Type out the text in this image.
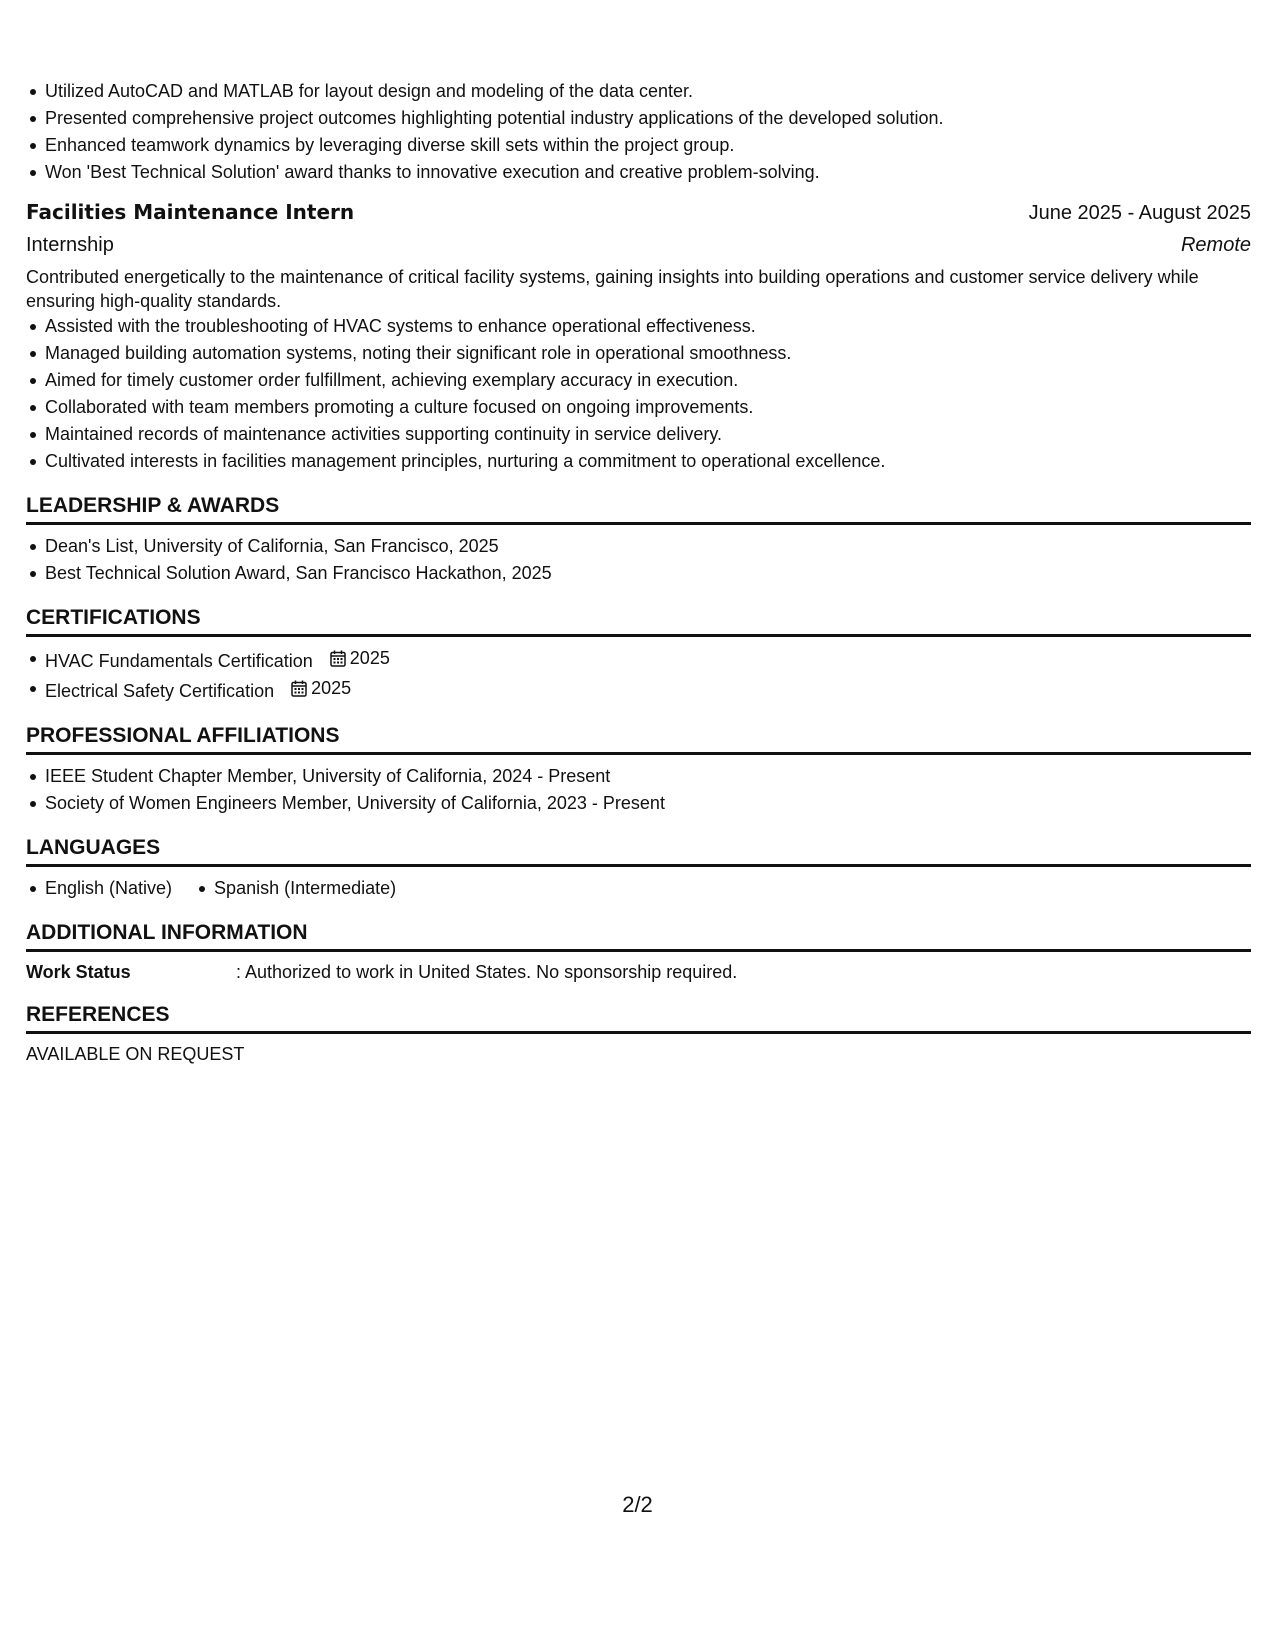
Utilized AutoCAD and MATLAB for layout design and modeling of the data center.
Presented comprehensive project outcomes highlighting potential industry applications of the developed solution.
Enhanced teamwork dynamics by leveraging diverse skill sets within the project group.
Won 'Best Technical Solution' award thanks to innovative execution and creative problem-solving.
Facilities Maintenance Intern	June 2025 - August 2025
Internship	Remote
Contributed energetically to the maintenance of critical facility systems, gaining insights into building operations and customer service delivery while ensuring high-quality standards.
Assisted with the troubleshooting of HVAC systems to enhance operational effectiveness.
Managed building automation systems, noting their significant role in operational smoothness.
Aimed for timely customer order fulfillment, achieving exemplary accuracy in execution.
Collaborated with team members promoting a culture focused on ongoing improvements.
Maintained records of maintenance activities supporting continuity in service delivery.
Cultivated interests in facilities management principles, nurturing a commitment to operational excellence.
LEADERSHIP & AWARDS
Dean's List, University of California, San Francisco, 2025
Best Technical Solution Award, San Francisco Hackathon, 2025
CERTIFICATIONS
HVAC Fundamentals Certification 2025
Electrical Safety Certification 2025
PROFESSIONAL AFFILIATIONS
IEEE Student Chapter Member, University of California, 2024 - Present
Society of Women Engineers Member, University of California, 2023 - Present
LANGUAGES
English (Native) Spanish (Intermediate)
ADDITIONAL INFORMATION
Work Status	: Authorized to work in United States. No sponsorship required.
REFERENCES
AVAILABLE ON REQUEST
2/2
